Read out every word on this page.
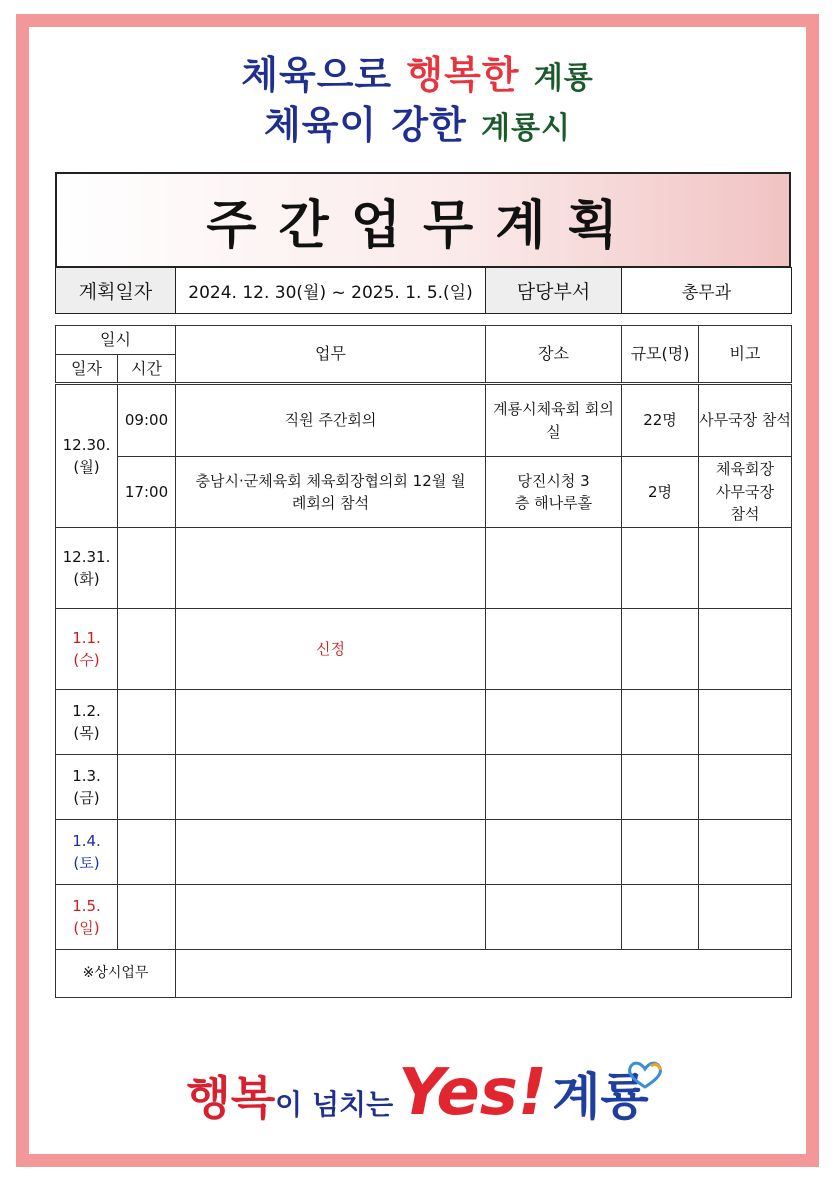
체육으로 행복한 계룡
체육이 강한 계룡시
주간업무계획
계획일자	2024. 12. 30(월) ~ 2025. 1. 5.(일)	담당부서	총무과
일시		업무	장소	규모(명)	비고
일자	시간				

12.30.
(월)	09:00	직원 주간회의	계룡시체육회 회의실	22명	사무국장 참석
	17:00	충남시·군체육회 체육회장협의회 12월 월례회의 참석	당진시청 3층 해나루홀	2명	체육회장 사무국장 참석

12.31.
(화)					

1.1.
(수)		신정			

1.2.
(목)					

1.3.
(금)					

1.4.
(토)					

1.5.
(일)					

※상시업무					
행복이 넘치는 Yes! 계룡
